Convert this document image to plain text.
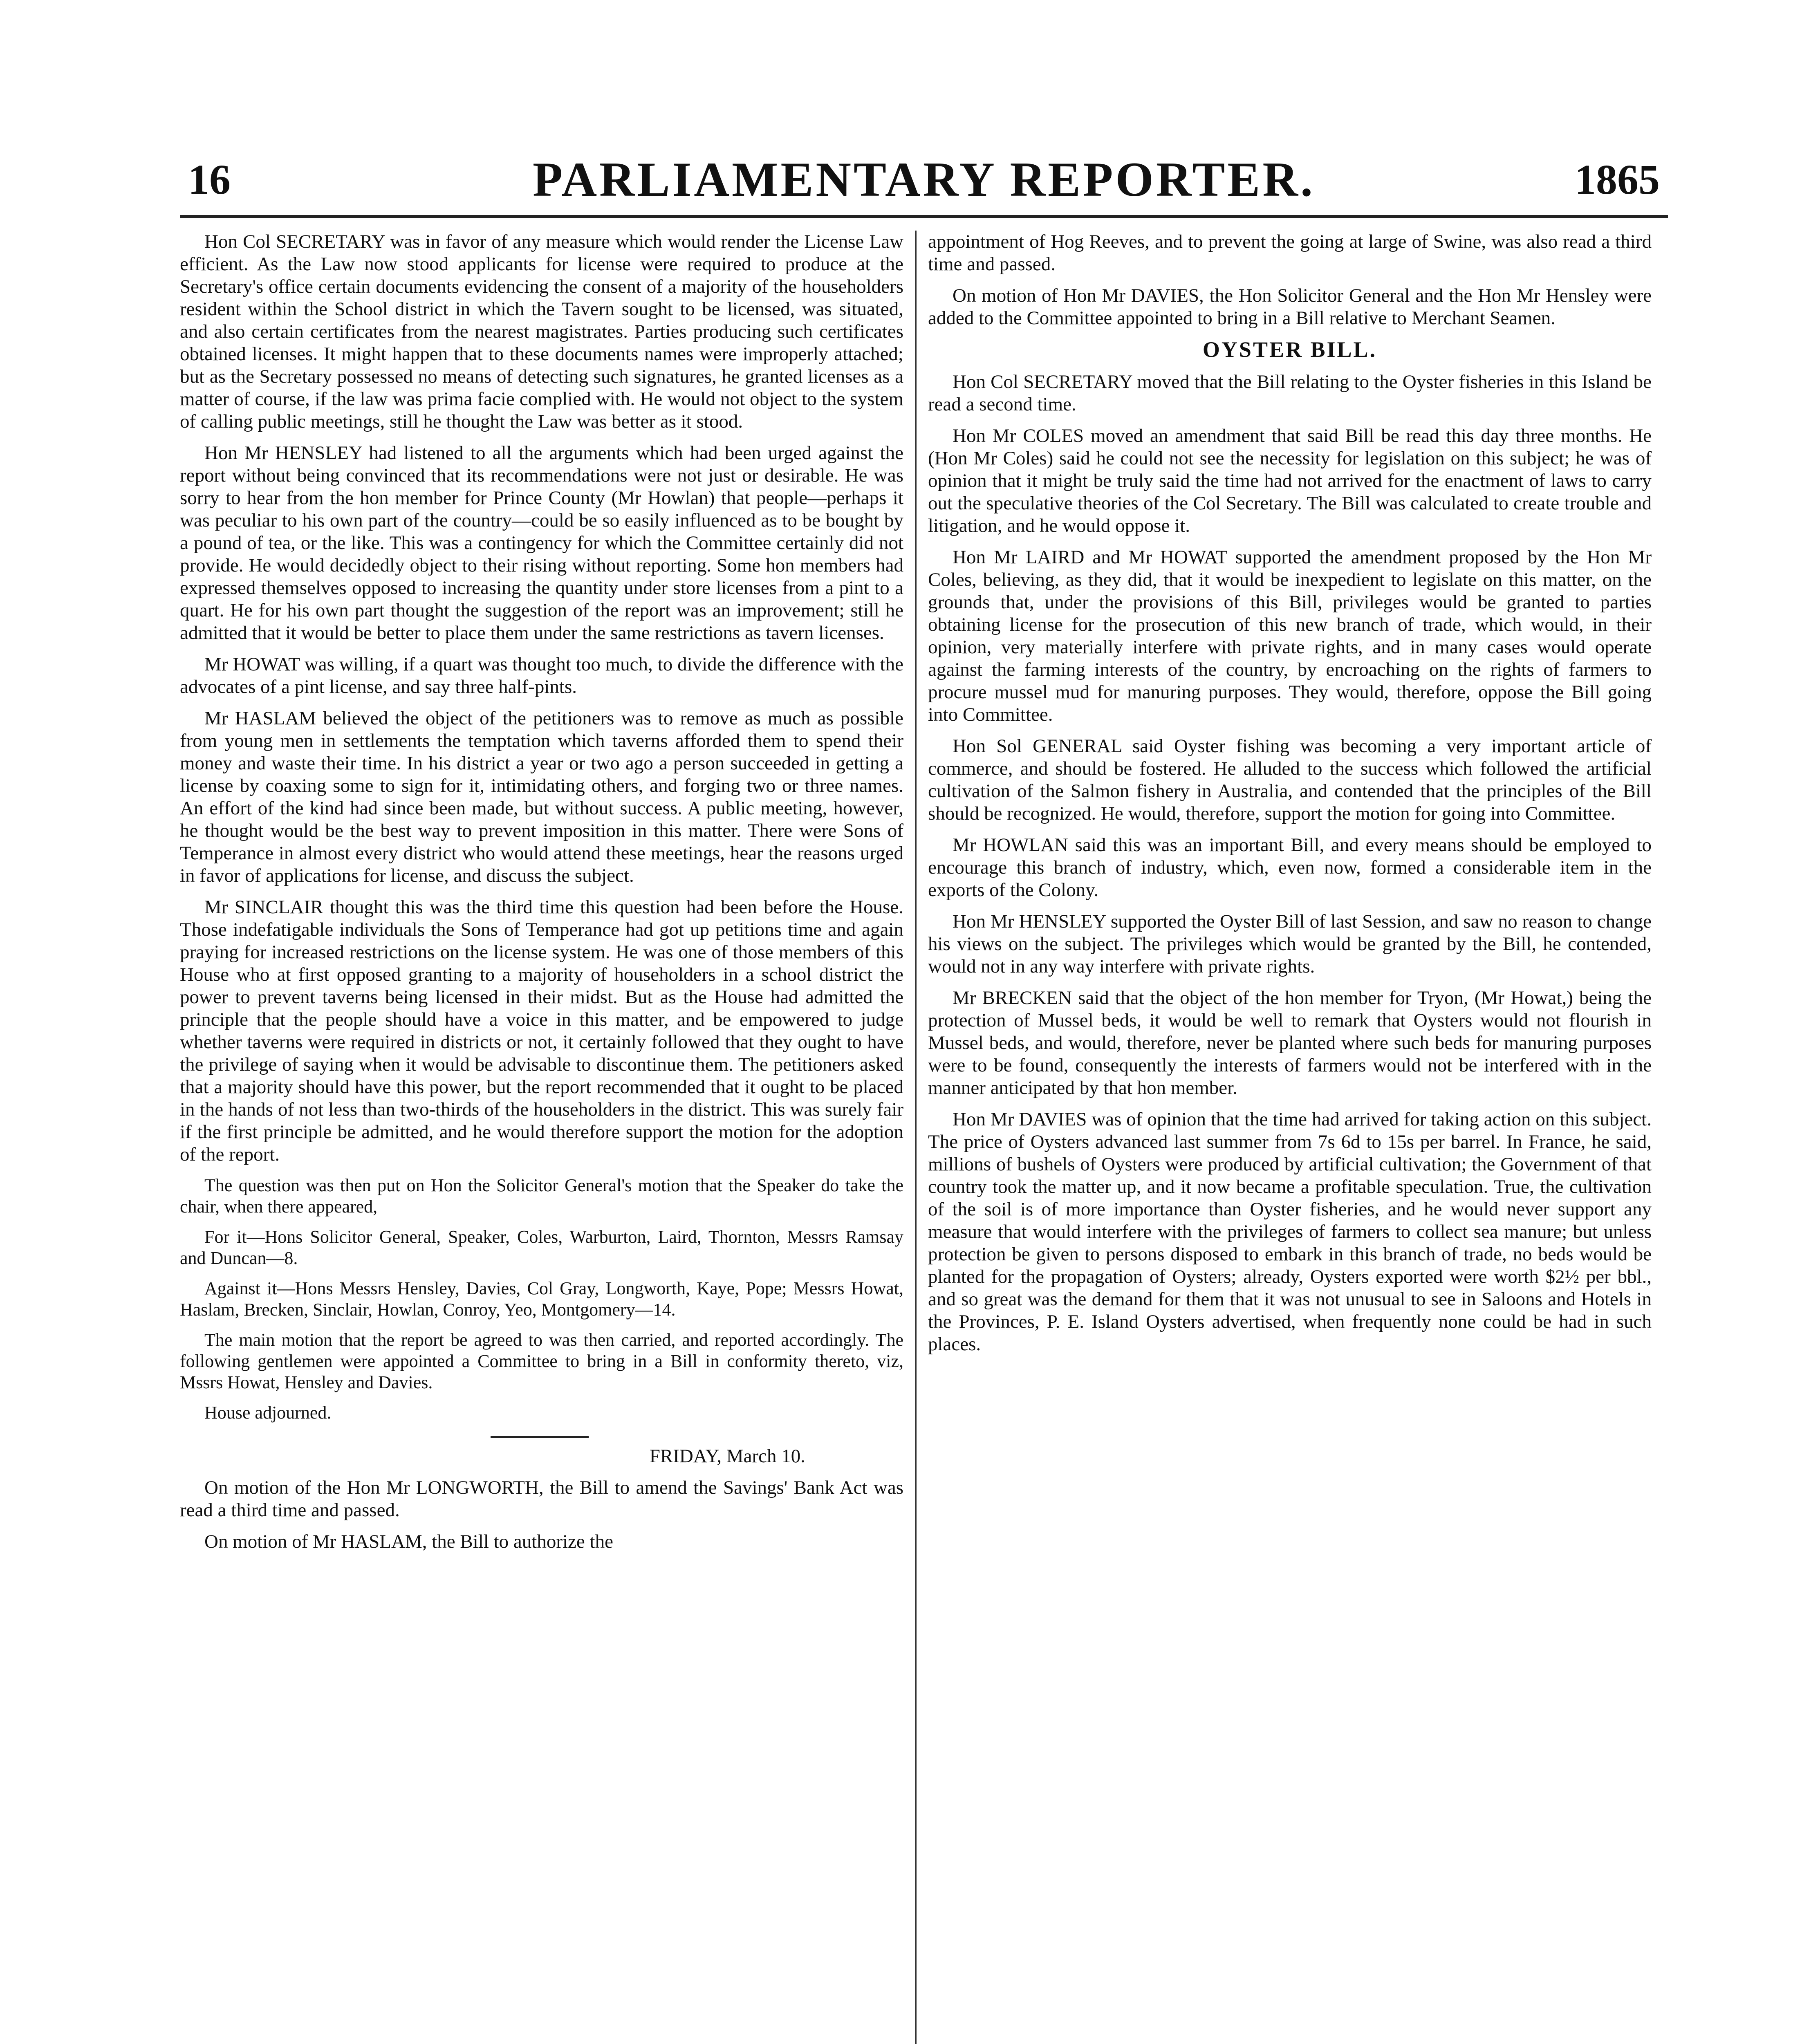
16	PARLIAMENTARY REPORTER.	1865

Hon Col SECRETARY was in favor of any measure which would render the License Law efficient. As the Law now stood applicants for license were required to produce at the Secretary's office certain documents evidencing the consent of a majority of the householders resident within the School district in which the Tavern sought to be licensed, was situated, and also certain certificates from the nearest magistrates. Parties producing such certificates obtained licenses. It might happen that to these documents names were improperly attached; but as the Secretary possessed no means of detecting such signatures, he granted licenses as a matter of course, if the law was prima facie complied with. He would not object to the system of calling public meetings, still he thought the Law was better as it stood.

Hon Mr HENSLEY had listened to all the arguments which had been urged against the report without being convinced that its recommendations were not just or desirable. He was sorry to hear from the hon member for Prince County (Mr Howlan) that people—perhaps it was peculiar to his own part of the country—could be so easily influenced as to be bought by a pound of tea, or the like. This was a contingency for which the Committee certainly did not provide. He would decidedly object to their rising without reporting. Some hon members had expressed themselves opposed to increasing the quantity under store licenses from a pint to a quart. He for his own part thought the suggestion of the report was an improvement; still he admitted that it would be better to place them under the same restrictions as tavern licenses.

Mr HOWAT was willing, if a quart was thought too much, to divide the difference with the advocates of a pint license, and say three half-pints.

Mr HASLAM believed the object of the petitioners was to remove as much as possible from young men in settlements the temptation which taverns afforded them to spend their money and waste their time. In his district a year or two ago a person succeeded in getting a license by coaxing some to sign for it, intimidating others, and forging two or three names. An effort of the kind had since been made, but without success. A public meeting, however, he thought would be the best way to prevent imposition in this matter. There were Sons of Temperance in almost every district who would attend these meetings, hear the reasons urged in favor of applications for license, and discuss the subject.

Mr SINCLAIR thought this was the third time this question had been before the House. Those indefatigable individuals the Sons of Temperance had got up petitions time and again praying for increased restrictions on the license system. He was one of those members of this House who at first opposed granting to a majority of householders in a school district the power to prevent taverns being licensed in their midst. But as the House had admitted the principle that the people should have a voice in this matter, and be empowered to judge whether taverns were required in districts or not, it certainly followed that they ought to have the privilege of saying when it would be advisable to discontinue them. The petitioners asked that a majority should have this power, but the report recommended that it ought to be placed in the hands of not less than two-thirds of the householders in the district. This was surely fair if the first principle be admitted, and he would therefore support the motion for the adoption of the report.

The question was then put on Hon the Solicitor General's motion that the Speaker do take the chair, when there appeared,

For it—Hons Solicitor General, Speaker, Coles, Warburton, Laird, Thornton, Messrs Ramsay and Duncan—8.

Against it—Hons Messrs Hensley, Davies, Col Gray, Longworth, Kaye, Pope; Messrs Howat, Haslam, Brecken, Sinclair, Howlan, Conroy, Yeo, Montgomery—14.

The main motion that the report be agreed to was then carried, and reported accordingly. The following gentlemen were appointed a Committee to bring in a Bill in conformity thereto, viz, Mssrs Howat, Hensley and Davies.

House adjourned.

FRIDAY, March 10.

On motion of the Hon Mr LONGWORTH, the Bill to amend the Savings' Bank Act was read a third time and passed.

On motion of Mr HASLAM, the Bill to authorize the

appointment of Hog Reeves, and to prevent the going at large of Swine, was also read a third time and passed.

On motion of Hon Mr DAVIES, the Hon Solicitor General and the Hon Mr Hensley were added to the Committee appointed to bring in a Bill relative to Merchant Seamen.

OYSTER BILL.

Hon Col SECRETARY moved that the Bill relating to the Oyster fisheries in this Island be read a second time.

Hon Mr COLES moved an amendment that said Bill be read this day three months. He (Hon Mr Coles) said he could not see the necessity for legislation on this subject; he was of opinion that it might be truly said the time had not arrived for the enactment of laws to carry out the speculative theories of the Col Secretary. The Bill was calculated to create trouble and litigation, and he would oppose it.

Hon Mr LAIRD and Mr HOWAT supported the amendment proposed by the Hon Mr Coles, believing, as they did, that it would be inexpedient to legislate on this matter, on the grounds that, under the provisions of this Bill, privileges would be granted to parties obtaining license for the prosecution of this new branch of trade, which would, in their opinion, very materially interfere with private rights, and in many cases would operate against the farming interests of the country, by encroaching on the rights of farmers to procure mussel mud for manuring purposes. They would, therefore, oppose the Bill going into Committee.

Hon Sol GENERAL said Oyster fishing was becoming a very important article of commerce, and should be fostered. He alluded to the success which followed the artificial cultivation of the Salmon fishery in Australia, and contended that the principles of the Bill should be recognized. He would, therefore, support the motion for going into Committee.

Mr HOWLAN said this was an important Bill, and every means should be employed to encourage this branch of industry, which, even now, formed a considerable item in the exports of the Colony.

Hon Mr HENSLEY supported the Oyster Bill of last Session, and saw no reason to change his views on the subject. The privileges which would be granted by the Bill, he contended, would not in any way interfere with private rights.

Mr BRECKEN said that the object of the hon member for Tryon, (Mr Howat,) being the protection of Mussel beds, it would be well to remark that Oysters would not flourish in Mussel beds, and would, therefore, never be planted where such beds for manuring purposes were to be found, consequently the interests of farmers would not be interfered with in the manner anticipated by that hon member.

Hon Mr DAVIES was of opinion that the time had arrived for taking action on this subject. The price of Oysters advanced last summer from 7s 6d to 15s per barrel. In France, he said, millions of bushels of Oysters were produced by artificial cultivation; the Government of that country took the matter up, and it now became a profitable speculation. True, the cultivation of the soil is of more importance than Oyster fisheries, and he would never support any measure that would interfere with the privileges of farmers to collect sea manure; but unless protection be given to persons disposed to embark in this branch of trade, no beds would be planted for the propagation of Oysters; already, Oysters exported were worth $2½ per bbl., and so great was the demand for them that it was not unusual to see in Saloons and Hotels in the Provinces, P. E. Island Oysters advertised, when frequently none could be had in such places.
